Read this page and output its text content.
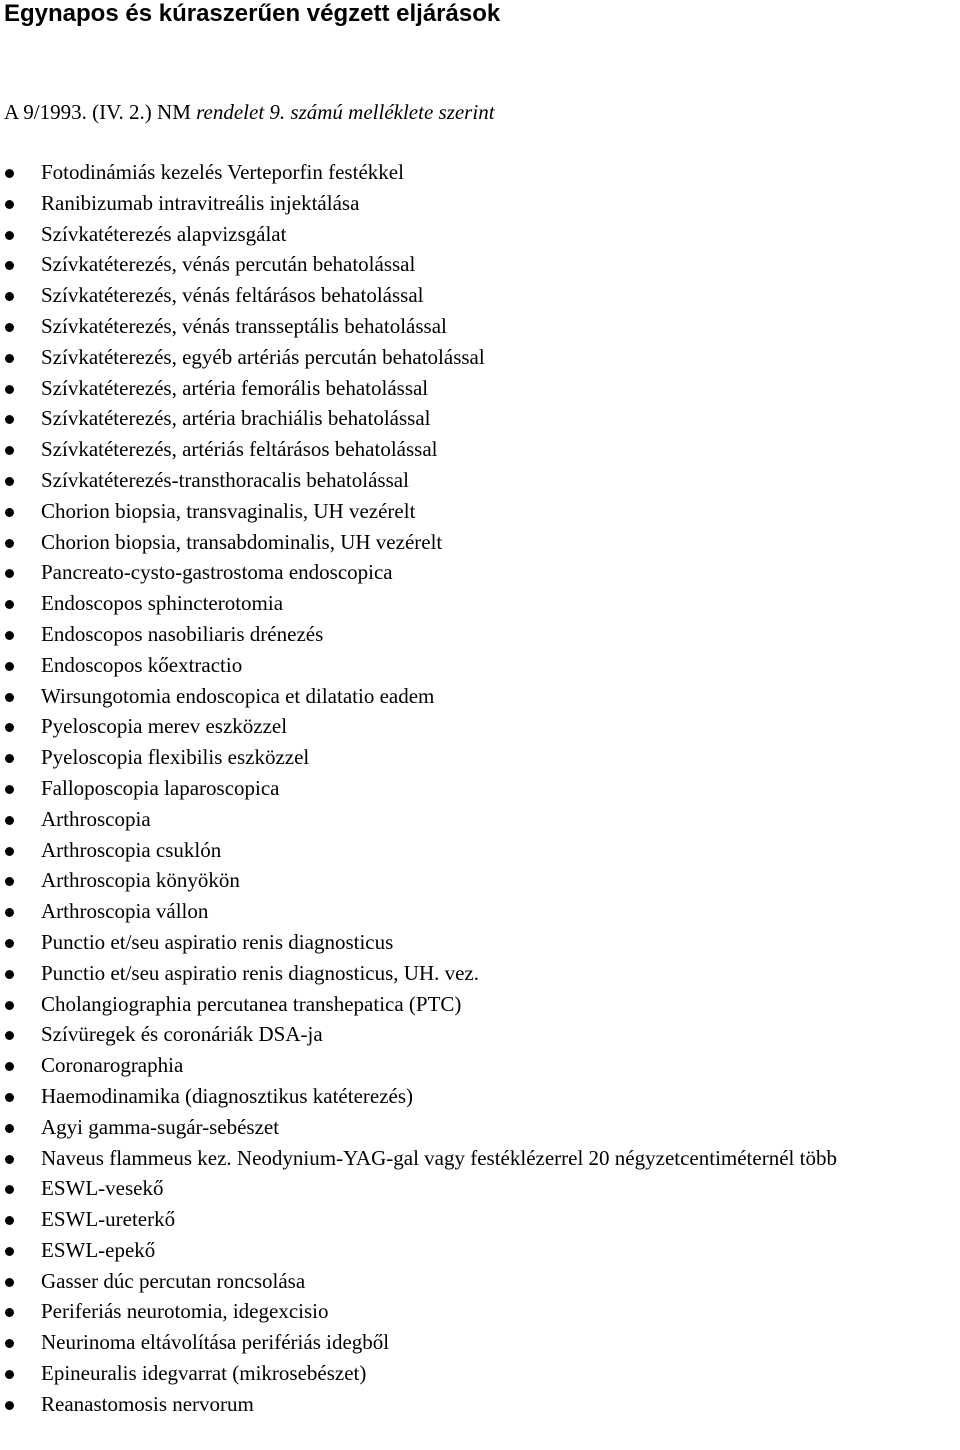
Egynapos és kúraszerűen végzett eljárások
A 9/1993. (IV. 2.) NM rendelet 9. számú melléklete szerint
Fotodinámiás kezelés Verteporfin festékkel
Ranibizumab intravitreális injektálása
Szívkatéterezés alapvizsgálat
Szívkatéterezés, vénás percután behatolással
Szívkatéterezés, vénás feltárásos behatolással
Szívkatéterezés, vénás transseptális behatolással
Szívkatéterezés, egyéb artériás percután behatolással
Szívkatéterezés, artéria femorális behatolással
Szívkatéterezés, artéria brachiális behatolással
Szívkatéterezés, artériás feltárásos behatolással
Szívkatéterezés-transthoracalis behatolással
Chorion biopsia, transvaginalis, UH vezérelt
Chorion biopsia, transabdominalis, UH vezérelt
Pancreato-cysto-gastrostoma endoscopica
Endoscopos sphincterotomia
Endoscopos nasobiliaris drénezés
Endoscopos kőextractio
Wirsungotomia endoscopica et dilatatio eadem
Pyeloscopia merev eszközzel
Pyeloscopia flexibilis eszközzel
Falloposcopia laparoscopica
Arthroscopia
Arthroscopia csuklón
Arthroscopia könyökön
Arthroscopia vállon
Punctio et/seu aspiratio renis diagnosticus
Punctio et/seu aspiratio renis diagnosticus, UH. vez.
Cholangiographia percutanea transhepatica (PTC)
Szívüregek és coronáriák DSA-ja
Coronarographia
Haemodinamika (diagnosztikus katéterezés)
Agyi gamma-sugár-sebészet
Naveus flammeus kez. Neodynium-YAG-gal vagy festéklézerrel 20 négyzetcentiméternél több
ESWL-vesekő
ESWL-ureterkő
ESWL-epekő
Gasser dúc percutan roncsolása
Periferiás neurotomia, idegexcisio
Neurinoma eltávolítása perifériás idegből
Epineuralis idegvarrat (mikrosebészet)
Reanastomosis nervorum
